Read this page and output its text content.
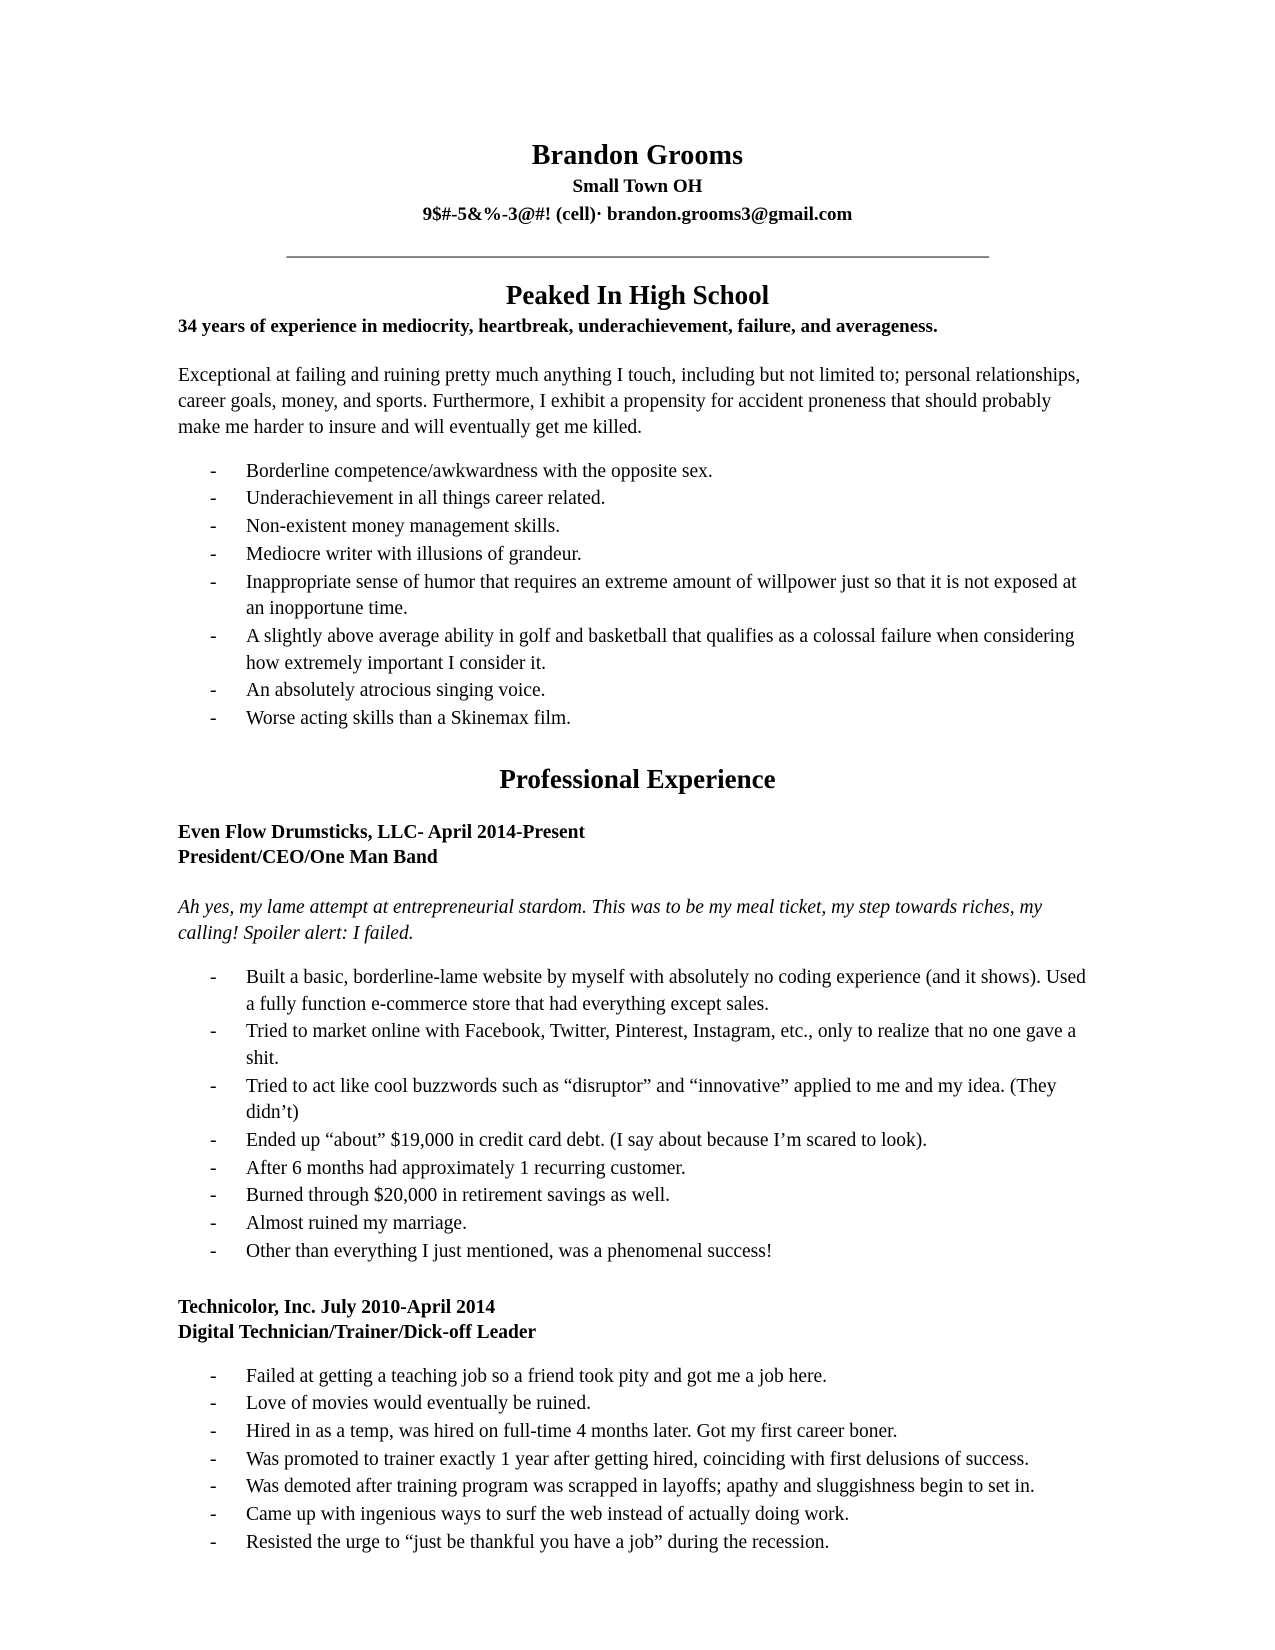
Brandon Grooms
Small Town OH
9$#-5&%-3@#! (cell)· brandon.grooms3@gmail.com
______________________________________________________________________________
Peaked In High School
34 years of experience in mediocrity, heartbreak, underachievement, failure, and averageness.

Exceptional at failing and ruining pretty much anything I touch, including but not limited to; personal relationships, career goals, money, and sports. Furthermore, I exhibit a propensity for accident proneness that should probably make me harder to insure and will eventually get me killed.

- Borderline competence/awkwardness with the opposite sex.
- Underachievement in all things career related.
- Non-existent money management skills.
- Mediocre writer with illusions of grandeur.
- Inappropriate sense of humor that requires an extreme amount of willpower just so that it is not exposed at an inopportune time.
- A slightly above average ability in golf and basketball that qualifies as a colossal failure when considering how extremely important I consider it.
- An absolutely atrocious singing voice.
- Worse acting skills than a Skinemax film.
Professional Experience
Even Flow Drumsticks, LLC- April 2014-Present
President/CEO/One Man Band

Ah yes, my lame attempt at entrepreneurial stardom. This was to be my meal ticket, my step towards riches, my calling! Spoiler alert: I failed.

- Built a basic, borderline-lame website by myself with absolutely no coding experience (and it shows). Used a fully function e-commerce store that had everything except sales.
- Tried to market online with Facebook, Twitter, Pinterest, Instagram, etc., only to realize that no one gave a shit.
- Tried to act like cool buzzwords such as “disruptor” and “innovative” applied to me and my idea. (They didn’t)
- Ended up “about” $19,000 in credit card debt. (I say about because I’m scared to look).
- After 6 months had approximately 1 recurring customer.
- Burned through $20,000 in retirement savings as well.
- Almost ruined my marriage.
- Other than everything I just mentioned, was a phenomenal success!
Technicolor, Inc. July 2010-April 2014
Digital Technician/Trainer/Dick-off Leader
- Failed at getting a teaching job so a friend took pity and got me a job here.
- Love of movies would eventually be ruined.
- Hired in as a temp, was hired on full-time 4 months later. Got my first career boner.
- Was promoted to trainer exactly 1 year after getting hired, coinciding with first delusions of success.
- Was demoted after training program was scrapped in layoffs; apathy and sluggishness begin to set in.
- Came up with ingenious ways to surf the web instead of actually doing work.
- Resisted the urge to “just be thankful you have a job” during the recession.
